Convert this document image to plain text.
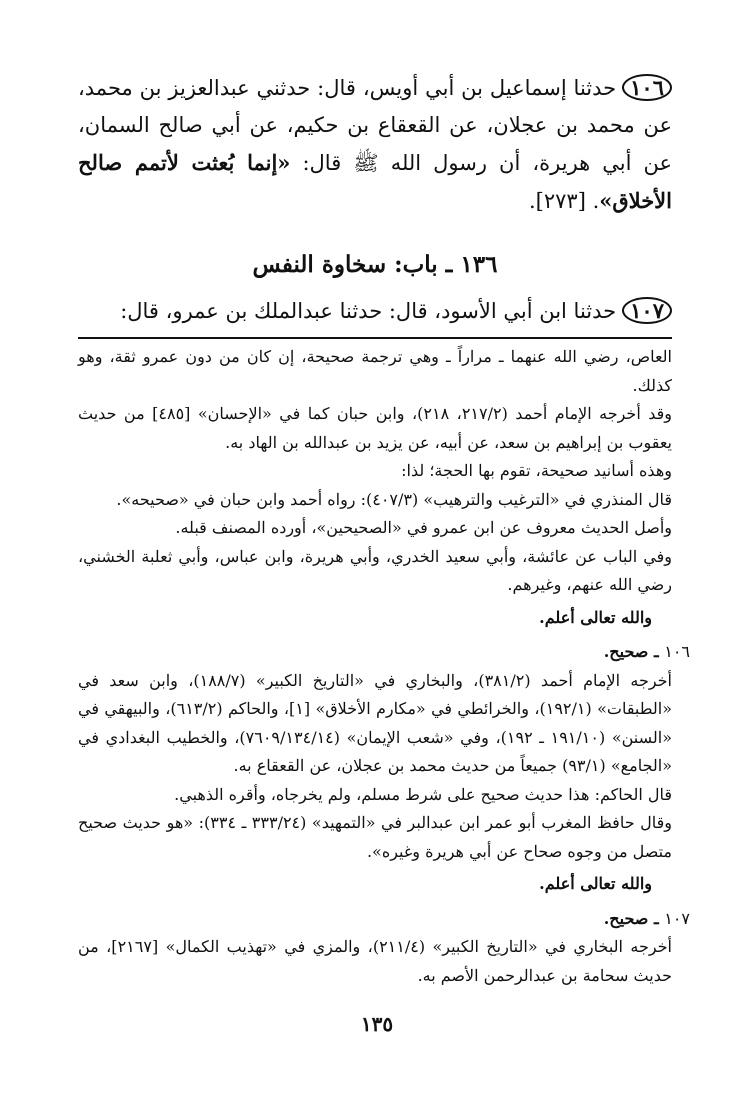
١٠٦حدثنا إسماعيل بن أبي أويس، قال: حدثني عبدالعزيز بن محمد، عن محمد بن عجلان، عن القعقاع بن حكيم، عن أبي صالح السمان، عن أبي هريرة، أن رسول الله ﷺ قال: «إنما بُعثت لأتمم صالح الأخلاق». [٢٧٣].

١٣٦ ـ باب: سخاوة النفس

١٠٧حدثنا ابن أبي الأسود، قال: حدثنا عبدالملك بن عمرو، قال:

العاص، رضي الله عنهما ـ مراراً ـ وهي ترجمة صحيحة، إن كان من دون عمرو ثقة، وهو كذلك.

وقد أخرجه الإمام أحمد (٢١٧/٢، ٢١٨)، وابن حبان كما في «الإحسان» [٤٨٥] من حديث يعقوب بن إبراهيم بن سعد، عن أبيه، عن يزيد بن عبدالله بن الهاد به.

وهذه أسانيد صحيحة، تقوم بها الحجة؛ لذا:

قال المنذري في «الترغيب والترهيب» (٤٠٧/٣): رواه أحمد وابن حبان في «صحيحه».

وأصل الحديث معروف عن ابن عمرو في «الصحيحين»، أورده المصنف قبله.

وفي الباب عن عائشة، وأبي سعيد الخدري، وأبي هريرة، وابن عباس، وأبي ثعلبة الخشني، رضي الله عنهم، وغيرهم.

والله تعالى أعلم.

١٠٦ ـ صحيح.

أخرجه الإمام أحمد (٣٨١/٢)، والبخاري في «التاريخ الكبير» (١٨٨/٧)، وابن سعد في «الطبقات» (١٩٢/١)، والخرائطي في «مكارم الأخلاق» [١]، والحاكم (٦١٣/٢)، والبيهقي في «السنن» (١٩١/١٠ ـ ١٩٢)، وفي «شعب الإيمان» (٧٦٠٩/١٣٤/١٤)، والخطيب البغدادي في «الجامع» (٩٣/١) جميعاً من حديث محمد بن عجلان، عن القعقاع به.

قال الحاكم: هذا حديث صحيح على شرط مسلم، ولم يخرجاه، وأقره الذهبي.

وقال حافظ المغرب أبو عمر ابن عبدالبر في «التمهيد» (٣٣٣/٢٤ ـ ٣٣٤): «هو حديث صحيح متصل من وجوه صحاح عن أبي هريرة وغيره».

والله تعالى أعلم.

١٠٧ ـ صحيح.

أخرجه البخاري في «التاريخ الكبير» (٢١١/٤)، والمزي في «تهذيب الكمال» [٢١٦٧]، من حديث سحامة بن عبدالرحمن الأصم به.

١٣٥
